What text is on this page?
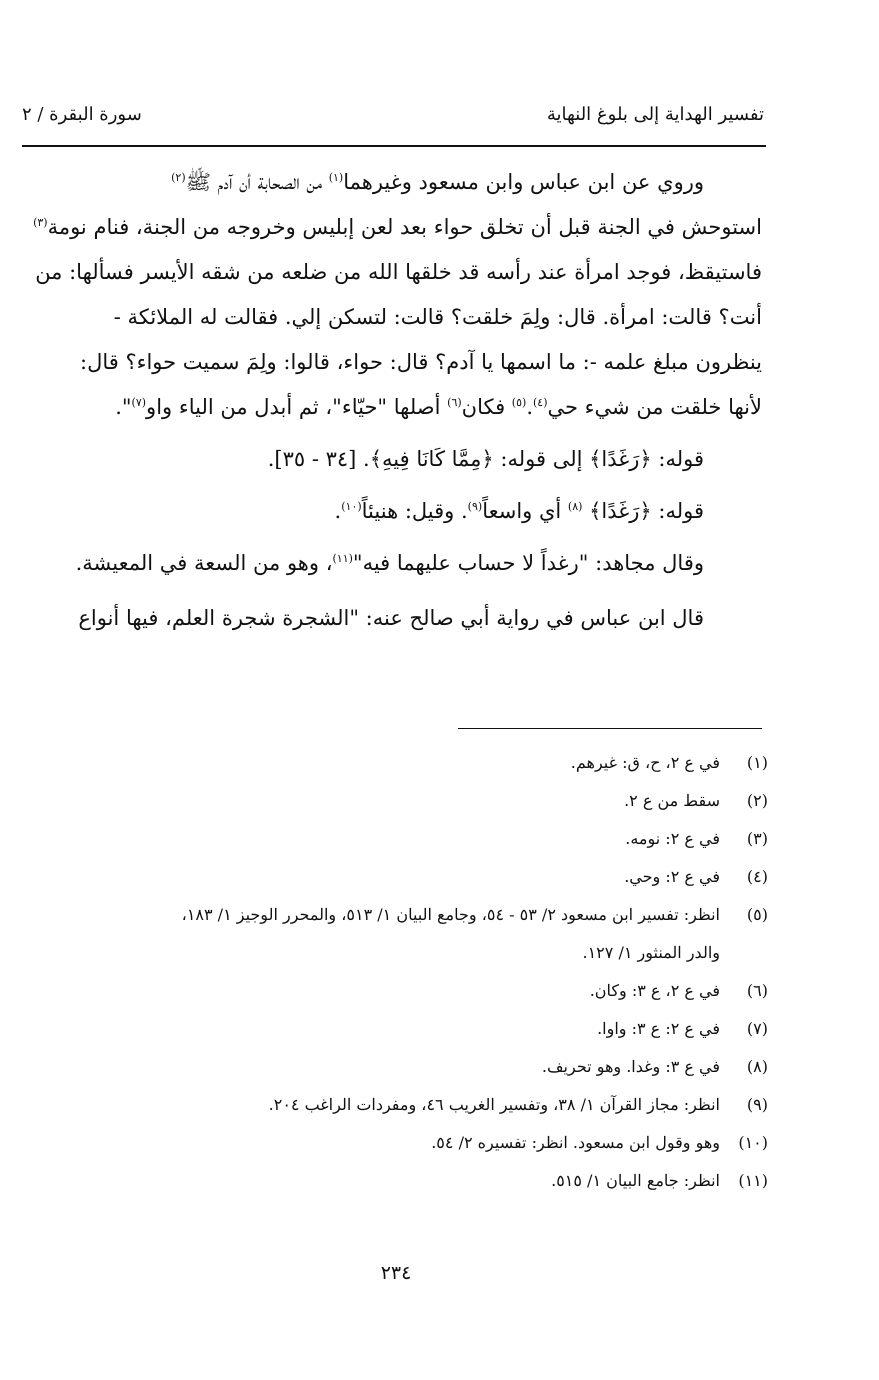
تفسير الهداية إلى بلوغ النهاية
سورة البقرة / ٢
وروي عن ابن عباس وابن مسعود وغيرهما$^{(١)}$ من الصحابة أن آدم ﷺ$^{(٢)}$
استوحش في الجنة قبل أن تخلق حواء بعد لعن إبليس وخروجه من الجنة، فنام نومة$^{(٣)}$
فاستيقظ، فوجد امرأة عند رأسه قد خلقها الله من ضلعه من شقه الأيسر فسألها: من
أنت؟ قالت: امرأة. قال: ولِمَ خلقت؟ قالت: لتسكن إلي. فقالت له الملائكة -
ينظرون مبلغ علمه -: ما اسمها يا آدم؟ قال: حواء، قالوا: ولِمَ سميت حواء؟ قال:
لأنها خلقت من شيء حي$^{(٤)}$.$^{(٥)}$ فكان$^{(٦)}$ أصلها "حيّاء"، ثم أبدل من الياء واو$^{(٧)}$".
قوله: ﴿رَغَدًا﴾ إلى قوله: ﴿مِمَّا كَانَا فِيهِ﴾. [٣٤ - ٣٥].
قوله: ﴿رَغَدًا﴾ $^{(٨)}$ أي واسعاً$^{(٩)}$. وقيل: هنيئاً$^{(١٠)}$.
وقال مجاهد: "رغداً لا حساب عليهما فيه"$^{(١١)}$، وهو من السعة في المعيشة.
قال ابن عباس في رواية أبي صالح عنه: "الشجرة شجرة العلم، فيها أنواع
(١)
في ع ٢، ح، ق: غيرهم.
(٢)
سقط من ع ٢.
(٣)
في ع ٢: نومه.
(٤)
في ع ٢: وحي.
(٥)
انظر: تفسير ابن مسعود ٢/ ٥٣ - ٥٤، وجامع البيان ١/ ٥١٣، والمحرر الوجيز ١/ ١٨٣،
والدر المنثور ١/ ١٢٧.
(٦)
في ع ٢، ع ٣: وكان.
(٧)
في ع ٢: ع ٣: واوا.
(٨)
في ع ٣: وغدا. وهو تحريف.
(٩)
انظر: مجاز القرآن ١/ ٣٨، وتفسير الغريب ٤٦، ومفردات الراغب ٢٠٤.
(١٠)
وهو وقول ابن مسعود. انظر: تفسيره ٢/ ٥٤.
(١١)
انظر: جامع البيان ١/ ٥١٥.
٢٣٤
